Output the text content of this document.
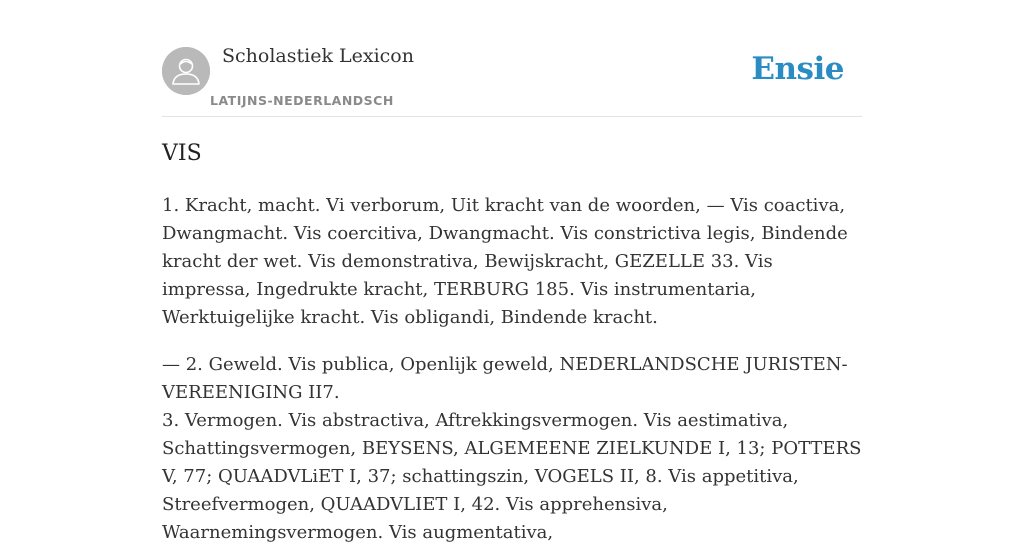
Scholastiek Lexicon
LATIJNS-NEDERLANDSCH
Ensie
VIS

1. Kracht, macht. Vi verborum, Uit kracht van de woorden, — Vis coactiva, Dwangmacht. Vis coercitiva, Dwangmacht. Vis constrictiva legis, Bindende kracht der wet. Vis demonstrativa, Bewijskracht, GEZELLE 33. Vis impressa, Ingedrukte kracht, TERBURG 185. Vis instrumentaria, Werktuigelijke kracht. Vis obligandi, Bindende kracht.

— 2. Geweld. Vis publica, Openlijk geweld, NEDERLANDSCHE JURISTEN-VEREENIGING II7.

3. Vermogen. Vis abstractiva, Aftrekkingsvermogen. Vis aestimativa, Schattingsvermogen, BEYSENS, ALGEMEENE ZIELKUNDE I, 13; POTTERS V, 77; QUAADVLiET I, 37; schattingszin, VOGELS II, 8. Vis appetitiva, Streefvermogen, QUAADVLIET I, 42. Vis apprehensiva, Waarnemingsvermogen. Vis augmentativa,
